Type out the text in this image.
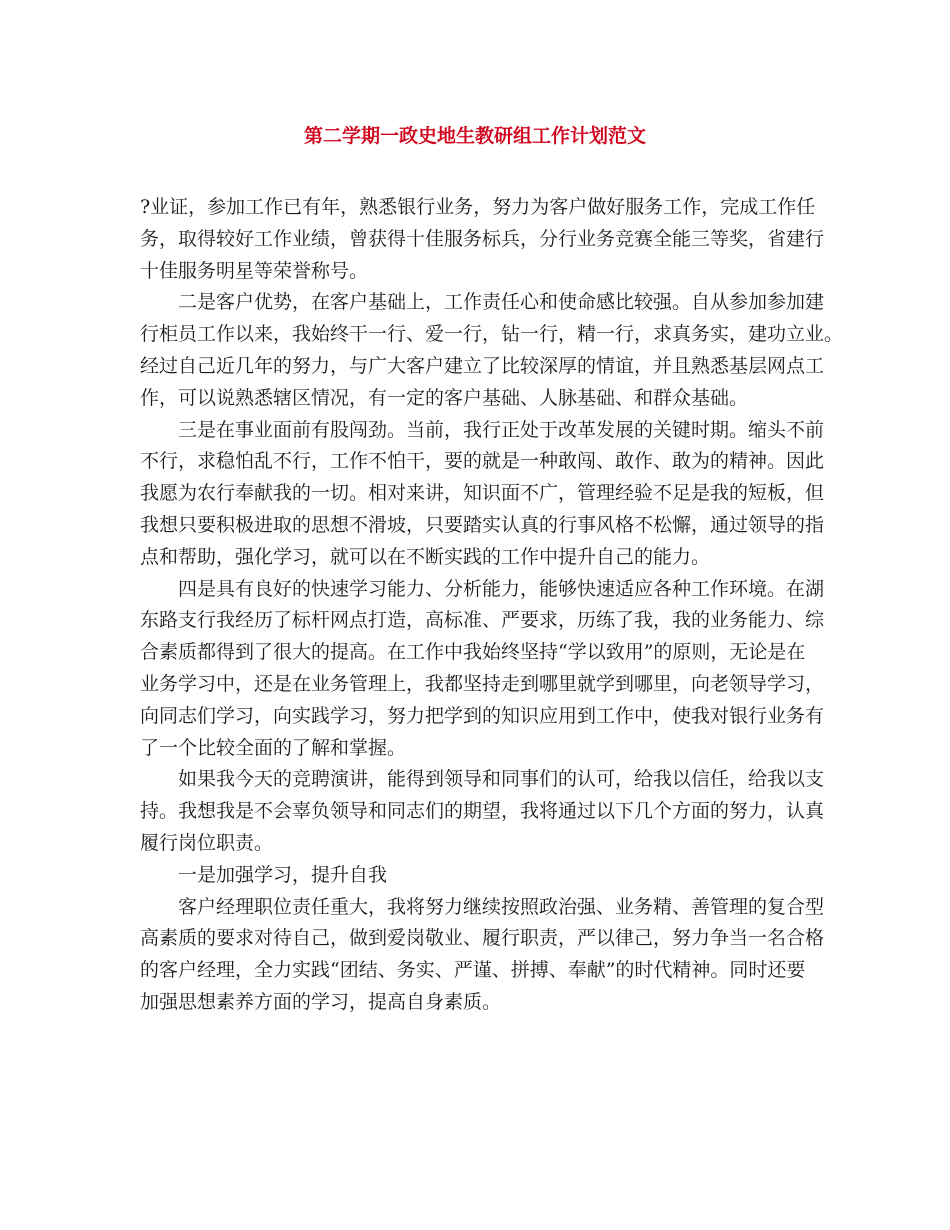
第二学期一政史地生教研组工作计划范文
?业证，参加工作已有年，熟悉银行业务，努力为客户做好服务工作，完成工作任
务，取得较好工作业绩，曾获得十佳服务标兵，分行业务竞赛全能三等奖，省建行
十佳服务明星等荣誉称号。
二是客户优势，在客户基础上，工作责任心和使命感比较强。自从参加参加建
行柜员工作以来，我始终干一行、爱一行，钻一行，精一行，求真务实，建功立业。
经过自己近几年的努力，与广大客户建立了比较深厚的情谊，并且熟悉基层网点工
作，可以说熟悉辖区情况，有一定的客户基础、人脉基础、和群众基础。
三是在事业面前有股闯劲。当前，我行正处于改革发展的关键时期。缩头不前
不行，求稳怕乱不行，工作不怕干，要的就是一种敢闯、敢作、敢为的精神。因此
我愿为农行奉献我的一切。相对来讲，知识面不广，管理经验不足是我的短板，但
我想只要积极进取的思想不滑坡，只要踏实认真的行事风格不松懈，通过领导的指
点和帮助，强化学习，就可以在不断实践的工作中提升自己的能力。
四是具有良好的快速学习能力、分析能力，能够快速适应各种工作环境。在湖
东路支行我经历了标杆网点打造，高标准、严要求，历练了我，我的业务能力、综
合素质都得到了很大的提高。在工作中我始终坚持“学以致用”的原则，无论是在
业务学习中，还是在业务管理上，我都坚持走到哪里就学到哪里，向老领导学习，
向同志们学习，向实践学习，努力把学到的知识应用到工作中，使我对银行业务有
了一个比较全面的了解和掌握。
如果我今天的竞聘演讲，能得到领导和同事们的认可，给我以信任，给我以支
持。我想我是不会辜负领导和同志们的期望，我将通过以下几个方面的努力，认真
履行岗位职责。
一是加强学习，提升自我
客户经理职位责任重大，我将努力继续按照政治强、业务精、善管理的复合型
高素质的要求对待自己，做到爱岗敬业、履行职责，严以律己，努力争当一名合格
的客户经理，全力实践“团结、务实、严谨、拼搏、奉献”的时代精神。同时还要
加强思想素养方面的学习，提高自身素质。
